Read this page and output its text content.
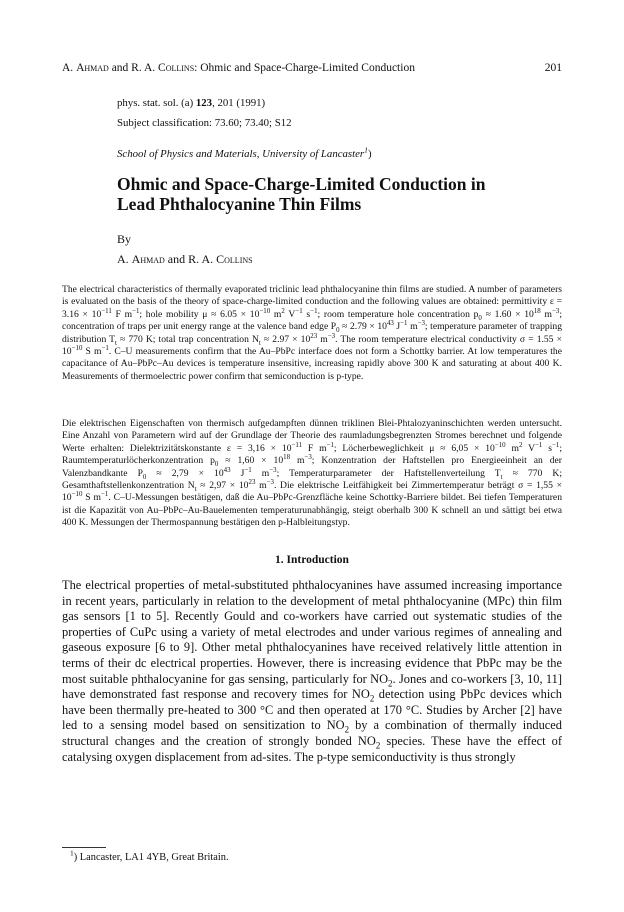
A. Ahmad and R. A. Collins: Ohmic and Space-Charge-Limited Conduction	201
phys. stat. sol. (a) 123, 201 (1991)
Subject classification: 73.60; 73.40; S12
School of Physics and Materials, University of Lancaster$^1$)
Ohmic and Space-Charge-Limited Conduction in
Lead Phthalocyanine Thin Films
By
A. Ahmad and R. A. Collins

The electrical characteristics of thermally evaporated triclinic lead phthalocyanine thin films are studied. A number of parameters is evaluated on the basis of the theory of space-charge-limited conduction and the following values are obtained: permittivity $\varepsilon = 3.16 \times 10^{-11}$ F $m^{-1}$; hole mobility $\mu \approx 6.05 \times 10^{-10}$ $m^2$ $V^{-1}$ $s^{-1}$; room temperature hole concentration $p_0 \approx 1.60 \times 10^{18}$ $m^{-3}$; concentration of traps per unit energy range at the valence band edge $P_0 \approx 2.79 \times 10^{43}$ $J^{-1}$ $m^{-3}$; temperature parameter of trapping distribution $T_t \approx 770$ K; total trap concentration $N_t \approx 2.97 \times 10^{23}$ $m^{-3}$. The room temperature electrical conductivity $\sigma = 1.55 \times 10^{-10}$ S $m^{-1}$. C–U measurements confirm that the Au–PbPc interface does not form a Schottky barrier. At low temperatures the capacitance of Au–PbPc–Au devices is temperature insensitive, increasing rapidly above 300 K and saturating at about 400 K. Measurements of thermoelectric power confirm that semiconduction is p-type.

Die elektrischen Eigenschaften von thermisch aufgedampften dünnen triklinen Blei-Phtalozyaninschichten werden untersucht. Eine Anzahl von Parametern wird auf der Grundlage der Theorie des raumladungsbegrenzten Stromes berechnet und folgende Werte erhalten: Dielektrizitätskonstante $\varepsilon = 3,16 \times 10^{-11}$ F $m^{-1}$; Löcherbeweglichkeit $\mu \approx 6,05 \times 10^{-10}$ $m^2$ $V^{-1}$ $s^{-1}$; Raumtemperaturlöcherkonzentration $p_0 \approx 1,60 \times 10^{18}$ $m^{-3}$; Konzentration der Haftstellen pro Energieeinheit an der Valenzbandkante $P_0 \approx 2,79 \times 10^{43}$ $J^{-1}$ $m^{-3}$; Temperaturparameter der Haftstellenverteilung $T_t \approx 770$ K; Gesamthaftstellenkonzentration $N_t \approx 2,97 \times 10^{23}$ $m^{-3}$. Die elektrische Leitfähigkeit bei Zimmertemperatur beträgt $\sigma = 1,55 \times 10^{-10}$ S $m^{-1}$. C–U-Messungen bestätigen, daß die Au–PbPc-Grenzfläche keine Schottky-Barriere bildet. Bei tiefen Temperaturen ist die Kapazität von Au–PbPc–Au-Bauelementen temperaturunabhängig, steigt oberhalb 300 K schnell an und sättigt bei etwa 400 K. Messungen der Thermospannung bestätigen den p-Halbleitungstyp.

1. Introduction

The electrical properties of metal-substituted phthalocyanines have assumed increasing importance in recent years, particularly in relation to the development of metal phthalocyanine (MPc) thin film gas sensors [1 to 5]. Recently Gould and co-workers have carried out systematic studies of the properties of CuPc using a variety of metal electrodes and under various regimes of annealing and gaseous exposure [6 to 9]. Other metal phthalocyanines have received relatively little attention in terms of their dc electrical properties. However, there is increasing evidence that PbPc may be the most suitable phthalocyanine for gas sensing, particularly for $NO_2$. Jones and co-workers [3, 10, 11] have demonstrated fast response and recovery times for $NO_2$ detection using PbPc devices which have been thermally pre-heated to 300 °C and then operated at 170 °C. Studies by Archer [2] have led to a sensing model based on sensitization to $NO_2$ by a combination of thermally induced structural changes and the creation of strongly bonded $NO_2$ species. These have the effect of catalysing oxygen displacement from ad-sites. The p-type semiconductivity is thus strongly

$^1$) Lancaster, LA1 4YB, Great Britain.
